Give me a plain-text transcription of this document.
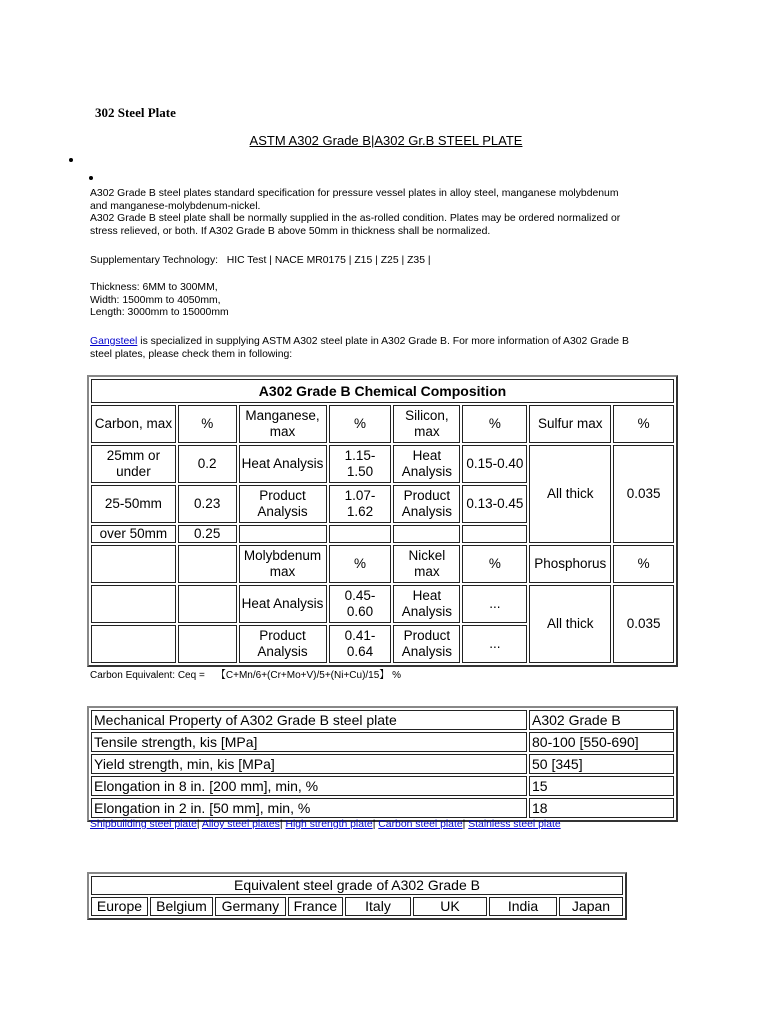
302 Steel Plate
ASTM A302 Grade B|A302 Gr.B STEEL PLATE
A302 Grade B steel plates standard specification for pressure vessel plates in alloy steel, manganese molybdenum
and manganese-molybdenum-nickel.
A302 Grade B steel plate shall be normally supplied in the as-rolled condition. Plates may be ordered normalized or
stress relieved, or both. If A302 Grade B above 50mm in thickness shall be normalized.
Supplementary Technology:   HIC Test | NACE MR0175 | Z15 | Z25 | Z35 |
Thickness: 6MM to 300MM,
Width: 1500mm to 4050mm,
Length: 3000mm to 15000mm
Gangsteel is specialized in supplying ASTM A302 steel plate in A302 Grade B. For more information of A302 Grade B
steel plates, please check them in following:
A302 Grade B Chemical Composition							
Carbon, max	%	Manganese, max	%	Silicon, max	%	Sulfur max	%
25mm or under	0.2	Heat Analysis	1.15-1.50	Heat Analysis	0.15-0.40	All thick	0.035
25-50mm	0.23	Product Analysis	1.07-1.62	Product Analysis	0.13-0.45		
over 50mm	0.25						
		Molybdenum max	%	Nickel max	%	Phosphorus	%
		Heat Analysis	0.45-0.60	Heat Analysis	...	All thick	0.035
		Product Analysis	0.41-0.64	Product Analysis	...		
Carbon Equivalent: Ceq =    【C+Mn/6+(Cr+Mo+V)/5+(Ni+Cu)/15】 %
Mechanical Property of A302 Grade B steel plate	A302 Grade B
Tensile strength, kis [MPa]	80-100 [550-690]
Yield strength, min, kis [MPa]	50 [345]
Elongation in 8 in. [200 mm], min, %	15
Elongation in 2 in. [50 mm], min, %	18
Shipbuilding steel plate| Alloy steel plates| High strength plate| Carbon steel plate| Stainless steel plate
Equivalent steel grade of A302 Grade B
Europe	Belgium	Germany	France	Italy	UK	India	Japan
